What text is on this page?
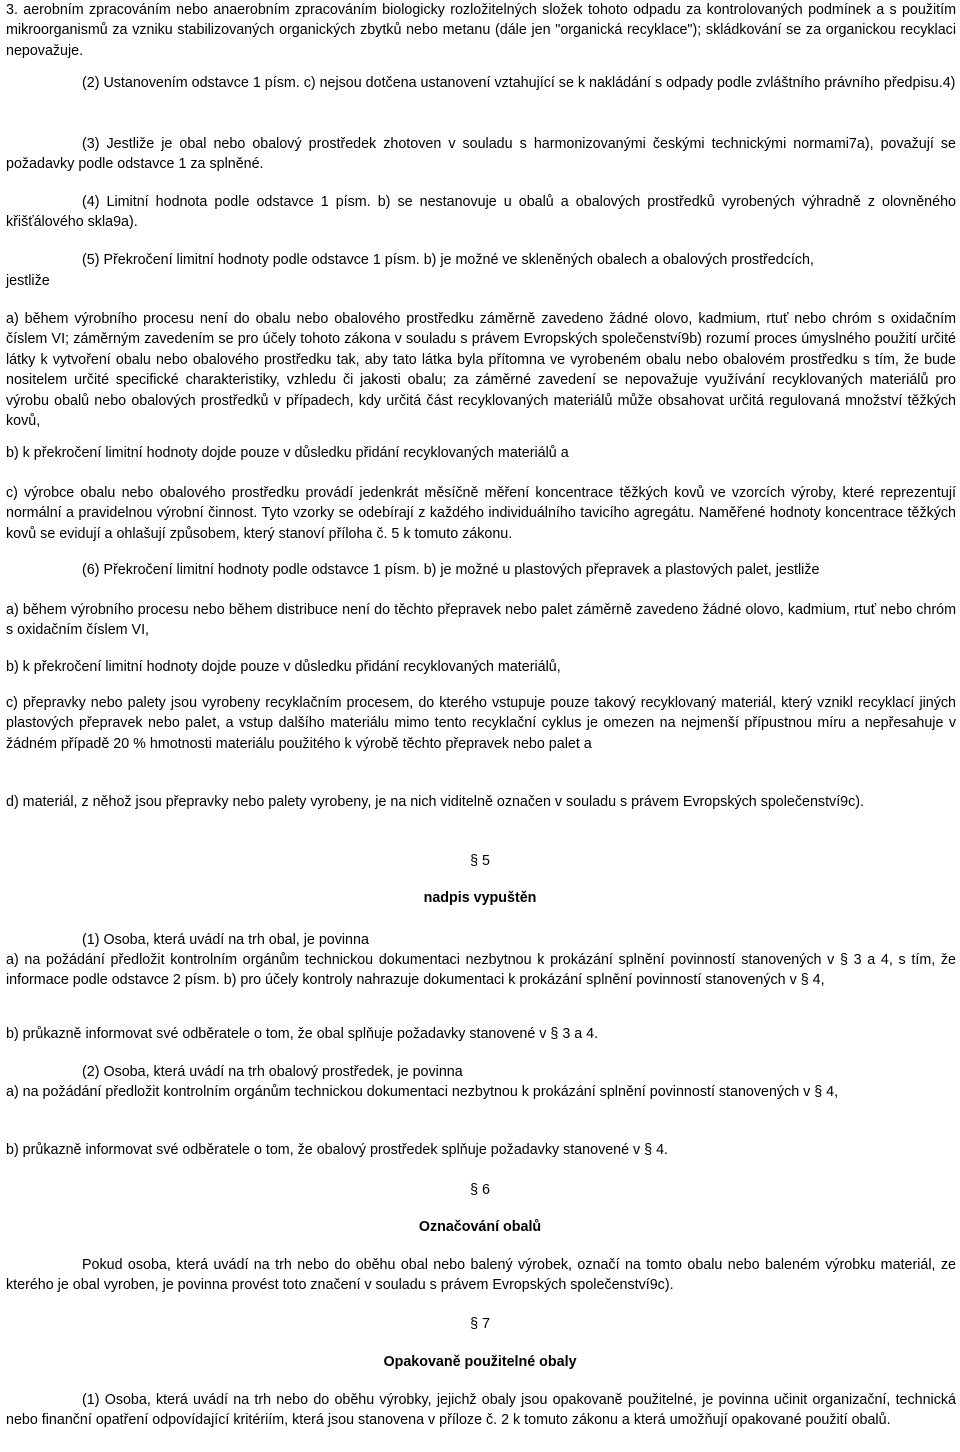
3. aerobním zpracováním nebo anaerobním zpracováním biologicky rozložitelných složek tohoto odpadu za kontrolovaných podmínek a s použitím mikroorganismů za vzniku stabilizovaných organických zbytků nebo metanu (dále jen "organická recyklace"); skládkování se za organickou recyklaci nepovažuje.

(2) Ustanovením odstavce 1 písm. c) nejsou dotčena ustanovení vztahující se k nakládání s odpady podle zvláštního právního předpisu.4)

(3) Jestliže je obal nebo obalový prostředek zhotoven v souladu s harmonizovanými českými technickými normami7a), považují se požadavky podle odstavce 1 za splněné.

(4) Limitní hodnota podle odstavce 1 písm. b) se nestanovuje u obalů a obalových prostředků vyrobených výhradně z olovněného křišťálového skla9a).

(5) Překročení limitní hodnoty podle odstavce 1 písm. b) je možné ve skleněných obalech a obalových prostředcích,

jestliže

a) během výrobního procesu není do obalu nebo obalového prostředku záměrně zavedeno žádné olovo, kadmium, rtuť nebo chróm s oxidačním číslem VI; záměrným zavedením se pro účely tohoto zákona v souladu s právem Evropských společenství9b) rozumí proces úmyslného použití určité látky k vytvoření obalu nebo obalového prostředku tak, aby tato látka byla přítomna ve vyrobeném obalu nebo obalovém prostředku s tím, že bude nositelem určité specifické charakteristiky, vzhledu či jakosti obalu; za záměrné zavedení se nepovažuje využívání recyklovaných materiálů pro výrobu obalů nebo obalových prostředků v případech, kdy určitá část recyklovaných materiálů může obsahovat určitá regulovaná množství těžkých kovů,

b) k překročení limitní hodnoty dojde pouze v důsledku přidání recyklovaných materiálů a

c) výrobce obalu nebo obalového prostředku provádí jedenkrát měsíčně měření koncentrace těžkých kovů ve vzorcích výroby, které reprezentují normální a pravidelnou výrobní činnost. Tyto vzorky se odebírají z každého individuálního tavicího agregátu. Naměřené hodnoty koncentrace těžkých kovů se evidují a ohlašují způsobem, který stanoví příloha č. 5 k tomuto zákonu.

(6) Překročení limitní hodnoty podle odstavce 1 písm. b) je možné u plastových přepravek a plastových palet, jestliže

a) během výrobního procesu nebo během distribuce není do těchto přepravek nebo palet záměrně zavedeno žádné olovo, kadmium, rtuť nebo chróm s oxidačním číslem VI,

b) k překročení limitní hodnoty dojde pouze v důsledku přidání recyklovaných materiálů,

c) přepravky nebo palety jsou vyrobeny recyklačním procesem, do kterého vstupuje pouze takový recyklovaný materiál, který vznikl recyklací jiných plastových přepravek nebo palet, a vstup dalšího materiálu mimo tento recyklační cyklus je omezen na nejmenší přípustnou míru a nepřesahuje v žádném případě 20 % hmotnosti materiálu použitého k výrobě těchto přepravek nebo palet a

d) materiál, z něhož jsou přepravky nebo palety vyrobeny, je na nich viditelně označen v souladu s právem Evropských společenství9c).

§ 5

nadpis vypuštěn

(1) Osoba, která uvádí na trh obal, je povinna

a) na požádání předložit kontrolním orgánům technickou dokumentaci nezbytnou k prokázání splnění povinností stanovených v § 3 a 4, s tím, že informace podle odstavce 2 písm. b) pro účely kontroly nahrazuje dokumentaci k prokázání splnění povinností stanovených v § 4,

b) průkazně informovat své odběratele o tom, že obal splňuje požadavky stanovené v § 3 a 4.

(2) Osoba, která uvádí na trh obalový prostředek, je povinna

a) na požádání předložit kontrolním orgánům technickou dokumentaci nezbytnou k prokázání splnění povinností stanovených v § 4,

b) průkazně informovat své odběratele o tom, že obalový prostředek splňuje požadavky stanovené v § 4.

§ 6

Označování obalů

Pokud osoba, která uvádí na trh nebo do oběhu obal nebo balený výrobek, označí na tomto obalu nebo baleném výrobku materiál, ze kterého je obal vyroben, je povinna provést toto značení v souladu s právem Evropských společenství9c).

§ 7

Opakovaně použitelné obaly

(1) Osoba, která uvádí na trh nebo do oběhu výrobky, jejichž obaly jsou opakovaně použitelné, je povinna učinit organizační, technická nebo finanční opatření odpovídající kritériím, která jsou stanovena v příloze č. 2 k tomuto zákonu a která umožňují opakované použití obalů.
